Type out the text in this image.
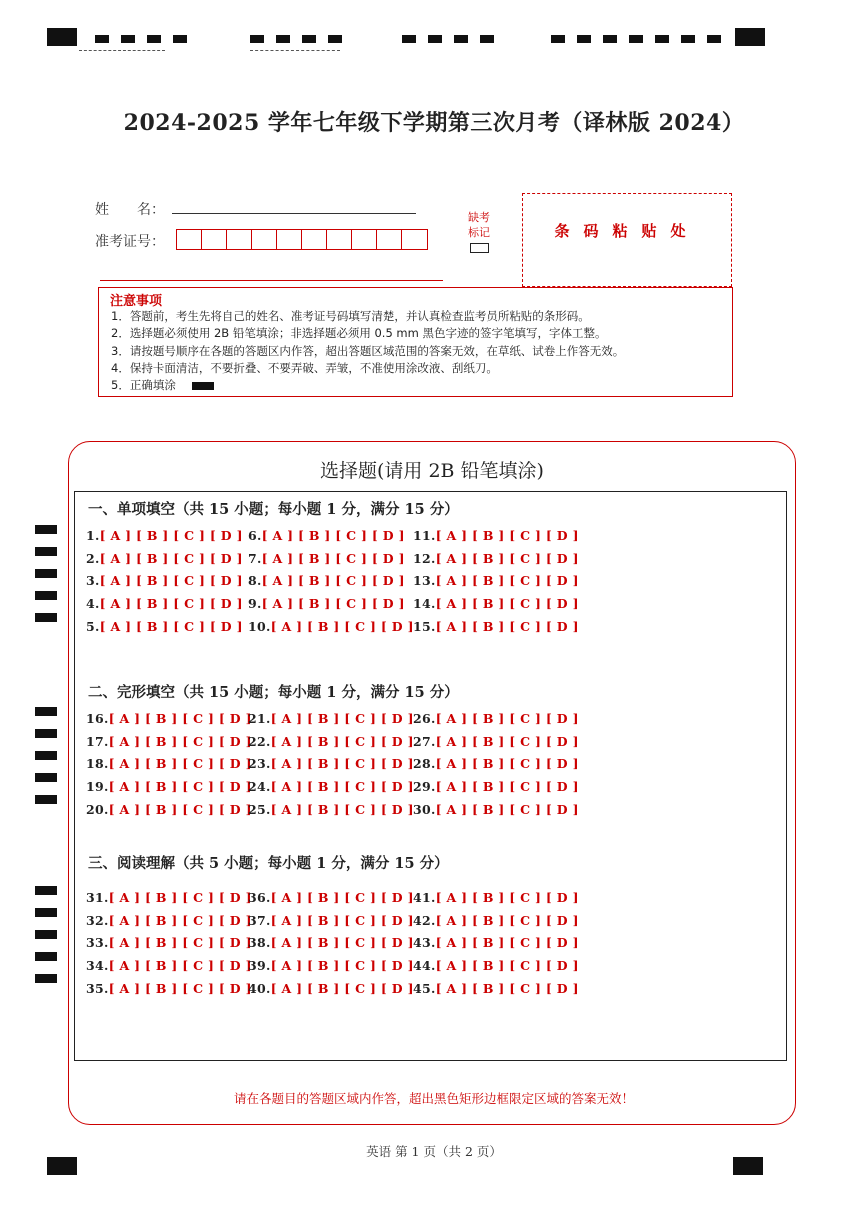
2024-2025 学年七年级下学期第三次月考（译林版 2024）
姓　　名：
准考证号：
缺考
标记	条码粘贴处
注意事项
1．答题前，考生先将自己的姓名、准考证号码填写清楚，并认真检查监考员所粘贴的条形码。
2．选择题必须使用 2B 铅笔填涂；非选择题必须用 0.5 mm 黑色字迹的签字笔填写，字体工整。
3．请按题号顺序在各题的答题区内作答，超出答题区域范围的答案无效，在草纸、试卷上作答无效。
4．保持卡面清洁，不要折叠、不要弄破、弄皱，不准使用涂改液、刮纸刀。
5．正确填涂
选择题(请用 2B 铅笔填涂)
一、单项填空（共 15 小题；每小题 1 分，满分 15 分）
二、完形填空（共 15 小题；每小题 1 分，满分 15 分）
三、阅读理解（共 5 小题；每小题 1 分，满分 15 分）
1.[ A ] [ B ] [ C ] [ D ]
2.[ A ] [ B ] [ C ] [ D ]
3.[ A ] [ B ] [ C ] [ D ]
4.[ A ] [ B ] [ C ] [ D ]
5.[ A ] [ B ] [ C ] [ D ]
6.[ A ] [ B ] [ C ] [ D ]
7.[ A ] [ B ] [ C ] [ D ]
8.[ A ] [ B ] [ C ] [ D ]
9.[ A ] [ B ] [ C ] [ D ]
10.[ A ] [ B ] [ C ] [ D ]
11.[ A ] [ B ] [ C ] [ D ]
12.[ A ] [ B ] [ C ] [ D ]
13.[ A ] [ B ] [ C ] [ D ]
14.[ A ] [ B ] [ C ] [ D ]
15.[ A ] [ B ] [ C ] [ D ]
16.[ A ] [ B ] [ C ] [ D ]
17.[ A ] [ B ] [ C ] [ D ]
18.[ A ] [ B ] [ C ] [ D ]
19.[ A ] [ B ] [ C ] [ D ]
20.[ A ] [ B ] [ C ] [ D ]
21.[ A ] [ B ] [ C ] [ D ]
22.[ A ] [ B ] [ C ] [ D ]
23.[ A ] [ B ] [ C ] [ D ]
24.[ A ] [ B ] [ C ] [ D ]
25.[ A ] [ B ] [ C ] [ D ]
26.[ A ] [ B ] [ C ] [ D ]
27.[ A ] [ B ] [ C ] [ D ]
28.[ A ] [ B ] [ C ] [ D ]
29.[ A ] [ B ] [ C ] [ D ]
30.[ A ] [ B ] [ C ] [ D ]
31.[ A ] [ B ] [ C ] [ D ]
32.[ A ] [ B ] [ C ] [ D ]
33.[ A ] [ B ] [ C ] [ D ]
34.[ A ] [ B ] [ C ] [ D ]
35.[ A ] [ B ] [ C ] [ D ]
36.[ A ] [ B ] [ C ] [ D ]
37.[ A ] [ B ] [ C ] [ D ]
38.[ A ] [ B ] [ C ] [ D ]
39.[ A ] [ B ] [ C ] [ D ]
40.[ A ] [ B ] [ C ] [ D ]
41.[ A ] [ B ] [ C ] [ D ]
42.[ A ] [ B ] [ C ] [ D ]
43.[ A ] [ B ] [ C ] [ D ]
44.[ A ] [ B ] [ C ] [ D ]
45.[ A ] [ B ] [ C ] [ D ]
请在各题目的答题区域内作答，超出黑色矩形边框限定区域的答案无效！
英语 第 1 页（共 2 页）
